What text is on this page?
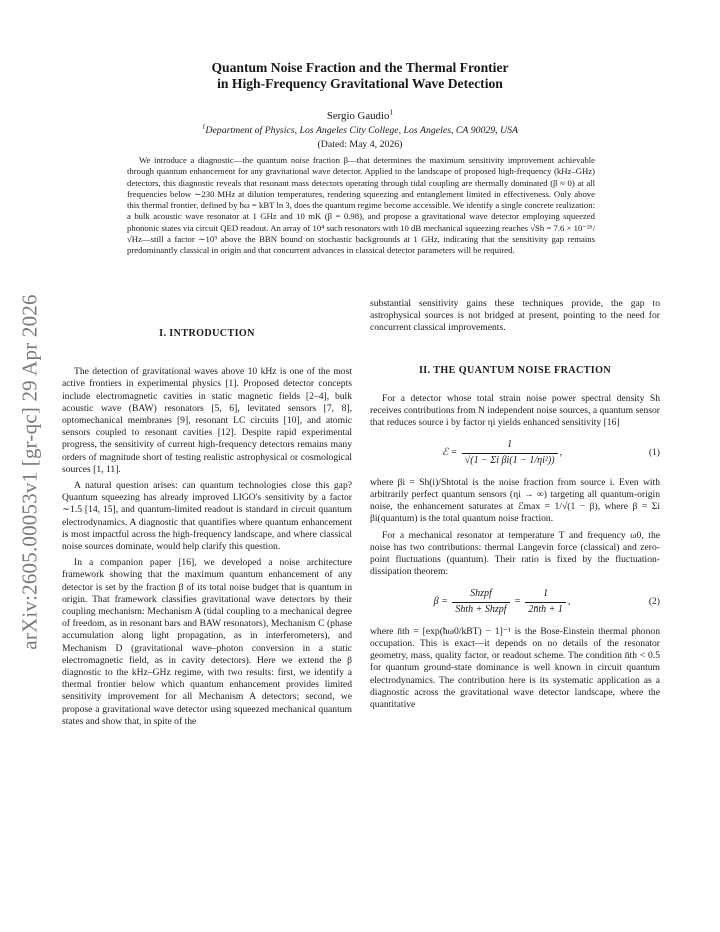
arXiv:2605.00053v1 [gr-qc] 29 Apr 2026
Quantum Noise Fraction and the Thermal Frontier
in High-Frequency Gravitational Wave Detection
Sergio Gaudio$^1$
$^1$Department of Physics, Los Angeles City College, Los Angeles, CA 90029, USA
(Dated: May 4, 2026)

We introduce a diagnostic—the quantum noise fraction β—that determines the maximum sensitivity improvement achievable through quantum enhancement for any gravitational wave detector. Applied to the landscape of proposed high-frequency (kHz–GHz) detectors, this diagnostic reveals that resonant mass detectors operating through tidal coupling are thermally dominated (β ≈ 0) at all frequencies below ∼230 MHz at dilution temperatures, rendering squeezing and entanglement limited in effectiveness. Only above this thermal frontier, defined by ħω = kBT ln 3, does the quantum regime become accessible. We identify a single concrete realization: a bulk acoustic wave resonator at 1 GHz and 10 mK (β = 0.98), and propose a gravitational wave detector employing squeezed phononic states via circuit QED readout. An array of 10⁴ such resonators with 10 dB mechanical squeezing reaches √Sh = 7.6 × 10⁻²⁶/√Hz—still a factor ∼10⁹ above the BBN bound on stochastic backgrounds at 1 GHz, indicating that the sensitivity gap remains predominantly classical in origin and that concurrent advances in classical detector parameters will be required.

I. INTRODUCTION

The detection of gravitational waves above 10 kHz is one of the most active frontiers in experimental physics [1]. Proposed detector concepts include electromagnetic cavities in static magnetic fields [2–4], bulk acoustic wave (BAW) resonators [5, 6], levitated sensors [7, 8], optomechanical membranes [9], resonant LC circuits [10], and atomic sensors coupled to resonant cavities [12]. Despite rapid experimental progress, the sensitivity of current high-frequency detectors remains many orders of magnitude short of testing realistic astrophysical or cosmological sources [1, 11].

A natural question arises: can quantum technologies close this gap? Quantum squeezing has already improved LIGO's sensitivity by a factor ∼1.5 [14, 15], and quantum-limited readout is standard in circuit quantum electrodynamics. A diagnostic that quantifies where quantum enhancement is most impactful across the high-frequency landscape, and where classical noise sources dominate, would help clarify this question.

In a companion paper [16], we developed a noise architecture framework showing that the maximum quantum enhancement of any detector is set by the fraction β of its total noise budget that is quantum in origin. That framework classifies gravitational wave detectors by their coupling mechanism: Mechanism A (tidal coupling to a mechanical degree of freedom, as in resonant bars and BAW resonators), Mechanism C (phase accumulation along light propagation, as in interferometers), and Mechanism D (gravitational wave–photon conversion in a static electromagnetic field, as in cavity detectors). Here we extend the β diagnostic to the kHz–GHz regime, with two results: first, we identify a thermal frontier below which quantum enhancement provides limited sensitivity improvement for all Mechanism A detectors; second, we propose a gravitational wave detector using squeezed mechanical quantum states and show that, in spite of the

substantial sensitivity gains these techniques provide, the gap to astrophysical sources is not bridged at present, pointing to the need for concurrent classical improvements.

II. THE QUANTUM NOISE FRACTION

For a detector whose total strain noise power spectral density Sh receives contributions from N independent noise sources, a quantum sensor that reduces source i by factor ηi yields enhanced sensitivity [16]

ℰ = $\frac{1}{\text{√(1 − Σi βi(1 − 1/ηi²))}}$ ,	(1)

where βi = Sh(i)/Shtotal is the noise fraction from source i. Even with arbitrarily perfect quantum sensors (ηi → ∞) targeting all quantum-origin noise, the enhancement saturates at ℰmax = 1/√(1 − β), where β = Σi βi(quantum) is the total quantum noise fraction.

For a mechanical resonator at temperature T and frequency ω0, the noise has two contributions: thermal Langevin force (classical) and zero-point fluctuations (quantum). Their ratio is fixed by the fluctuation-dissipation theorem:

$\beta = \frac{\text{Shzpf}}{\text{Shth + Shzpf}} = \frac{1}{2n̄th + 1}$ ,	(2)

where n̄th = [exp(ħω0/kBT) − 1]⁻¹ is the Bose-Einstein thermal phonon occupation. This is exact—it depends on no details of the resonator geometry, mass, quality factor, or readout scheme. The condition n̄th < 0.5 for quantum ground-state dominance is well known in circuit quantum electrodynamics. The contribution here is its systematic application as a diagnostic across the gravitational wave detector landscape, where the quantitative
